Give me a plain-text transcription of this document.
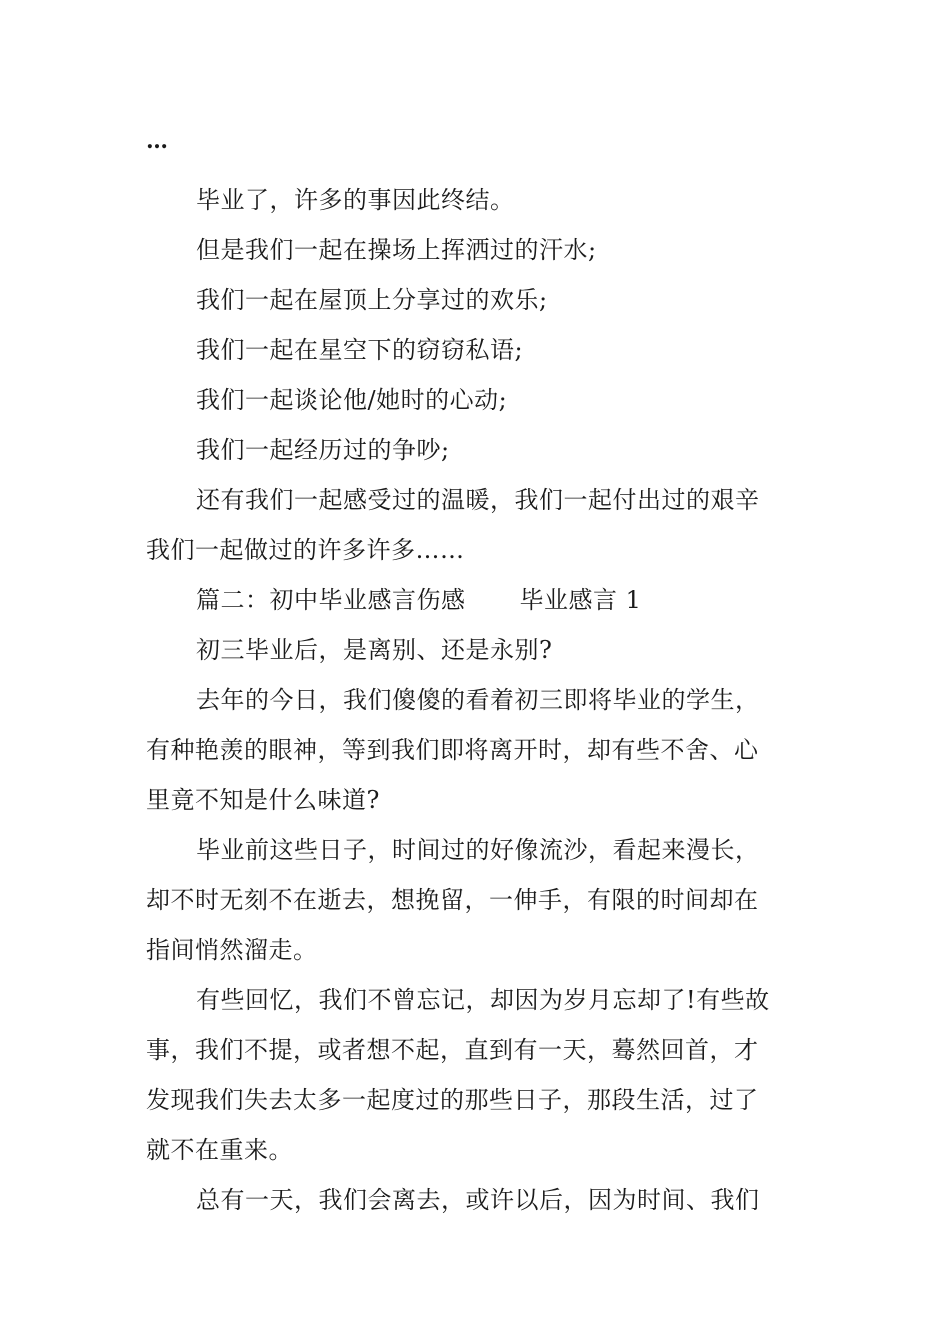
…
毕业了，许多的事因此终结。
但是我们一起在操场上挥洒过的汗水;
我们一起在屋顶上分享过的欢乐;
我们一起在星空下的窃窃私语;
我们一起谈论他/她时的心动;
我们一起经历过的争吵;
还有我们一起感受过的温暖，我们一起付出过的艰辛
我们一起做过的许多许多……
篇二：初中毕业感言伤感 毕业感言 1
初三毕业后，是离别、还是永别?
去年的今日，我们傻傻的看着初三即将毕业的学生，
有种艳羡的眼神，等到我们即将离开时，却有些不舍、心
里竟不知是什么味道?
毕业前这些日子，时间过的好像流沙，看起来漫长，
却不时无刻不在逝去，想挽留，一伸手，有限的时间却在
指间悄然溜走。
有些回忆，我们不曾忘记，却因为岁月忘却了!有些故
事，我们不提，或者想不起，直到有一天，蓦然回首，才
发现我们失去太多一起度过的那些日子，那段生活，过了
就不在重来。
总有一天，我们会离去，或许以后，因为时间、我们
